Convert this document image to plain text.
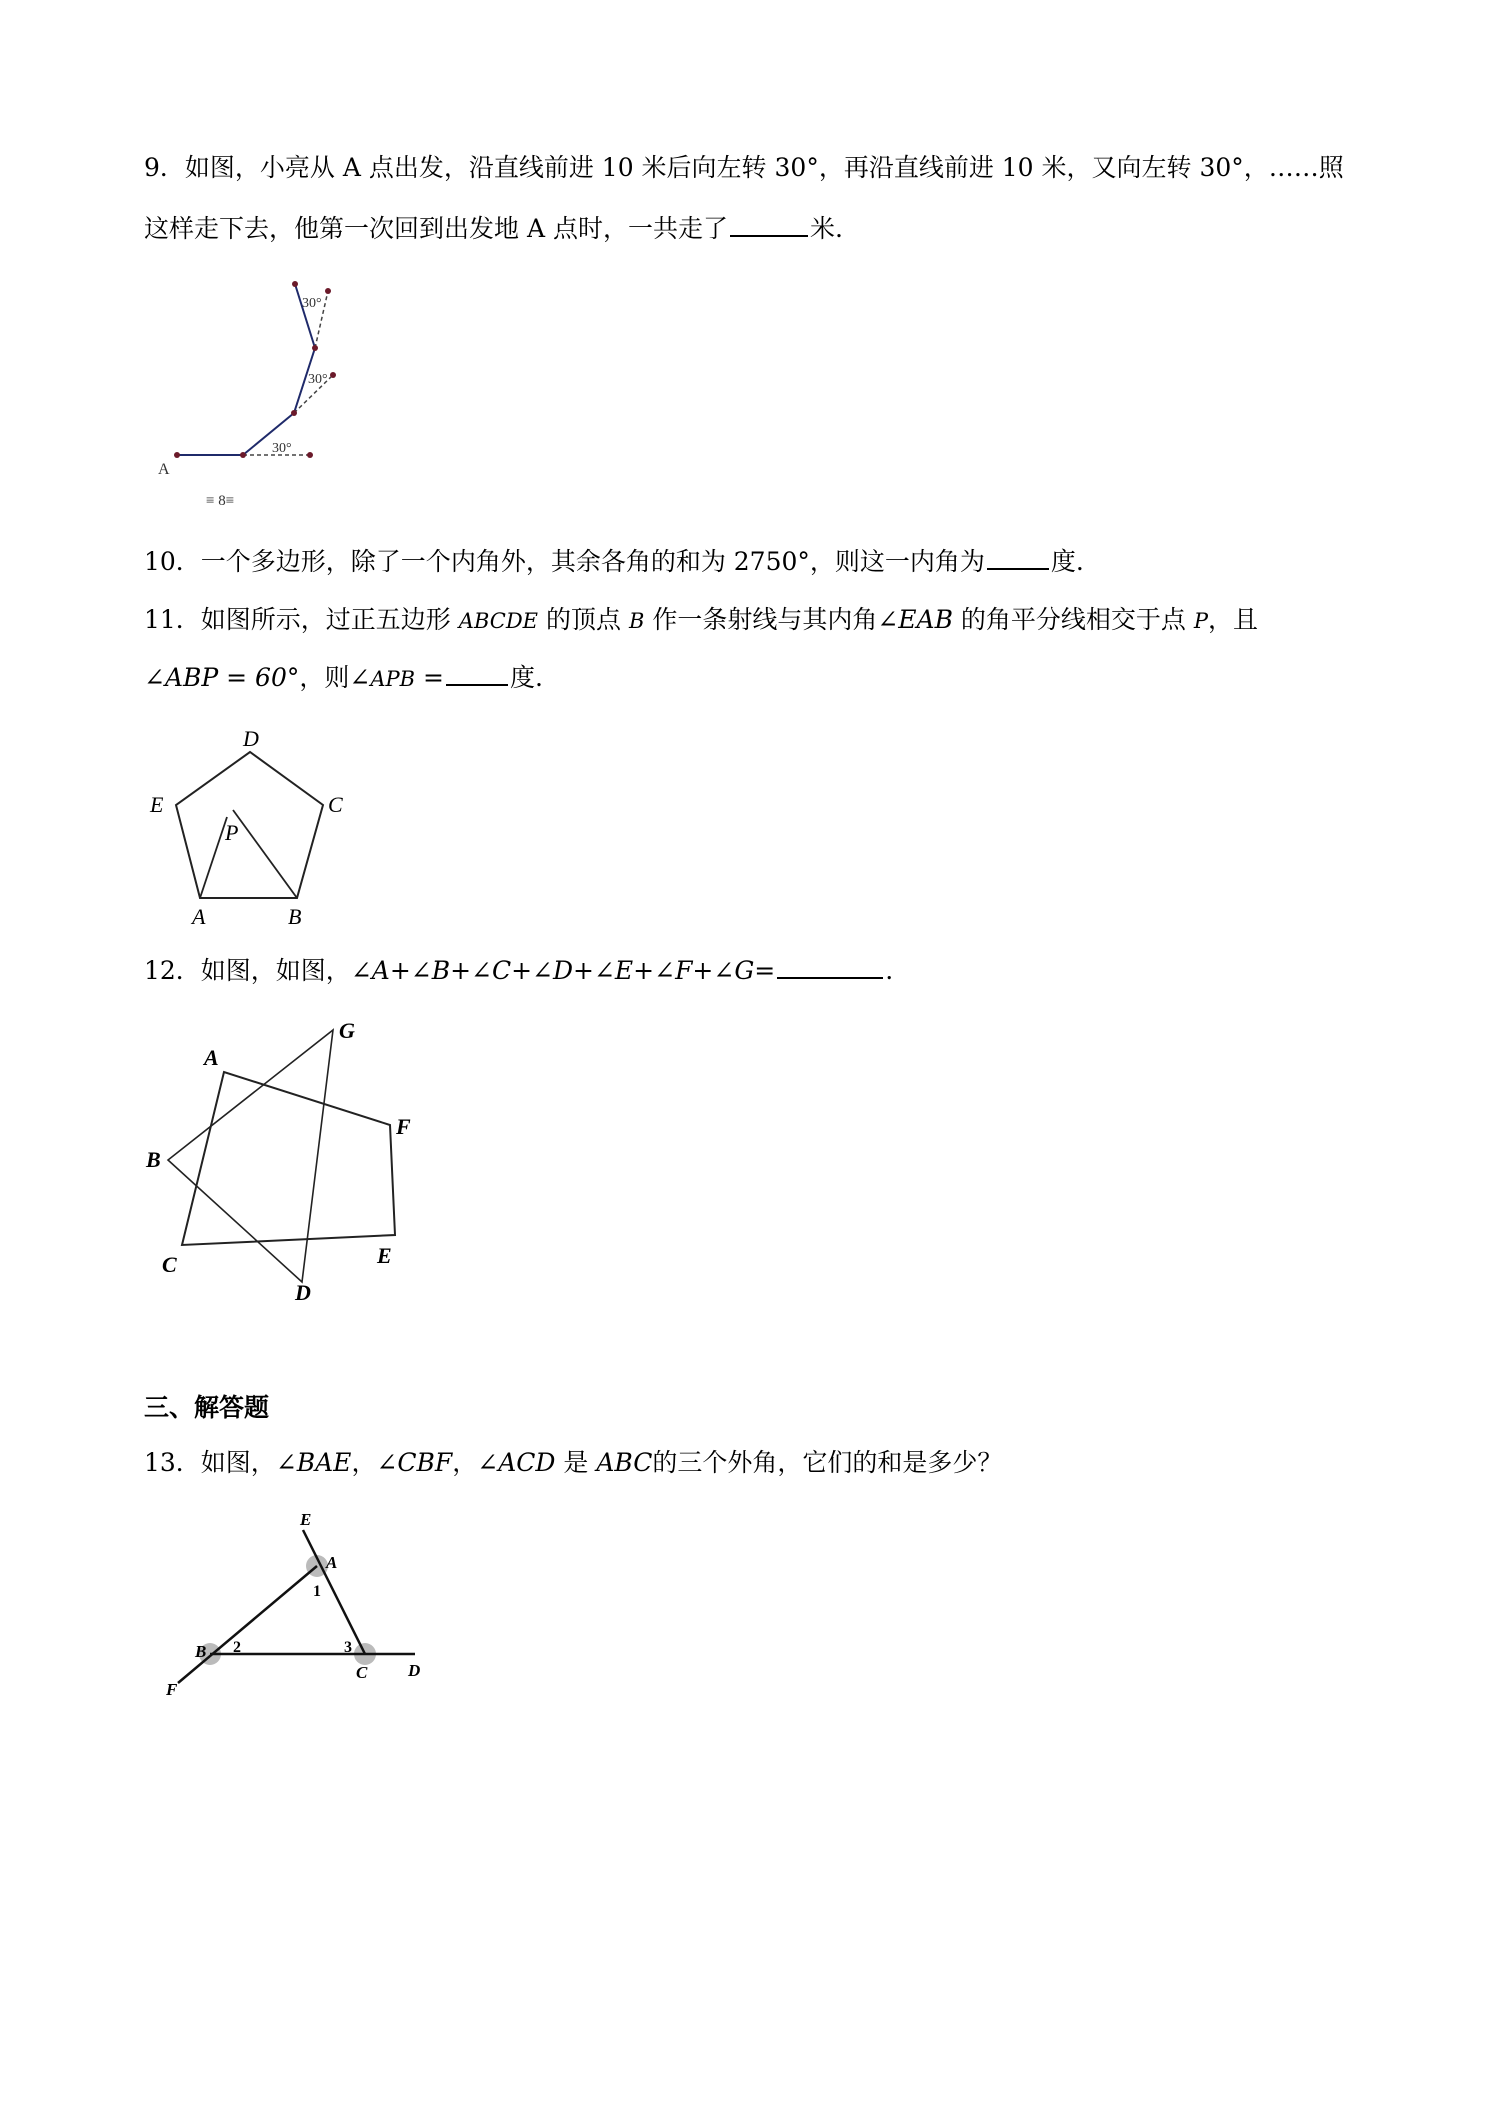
9．如图，小亮从 A 点出发，沿直线前进 10 米后向左转 30°，再沿直线前进 10 米，又向左转 30°，……照

这样走下去，他第一次回到出发地 A 点时，一共走了	米.

A
30°
30°
30°
≡ 8≡

10．一个多边形，除了一个内角外，其余各角的和为 2750°，则这一内角为	度.

11．如图所示，过正五边形 ABCDE 的顶点 B 作一条射线与其内角∠EAB 的角平分线相交于点 P，且

∠ABP = 60°，则∠APB =	度.

D
E	C
P
A	B

12．如图，如图，∠A+∠B+∠C+∠D+∠E+∠F+∠G=	.

A
G
F
B
E
C
D

三、解答题

13．如图，∠BAE，∠CBF，∠ACD 是 ABC的三个外角，它们的和是多少？

E
A
1
B 2	3
C D
F
